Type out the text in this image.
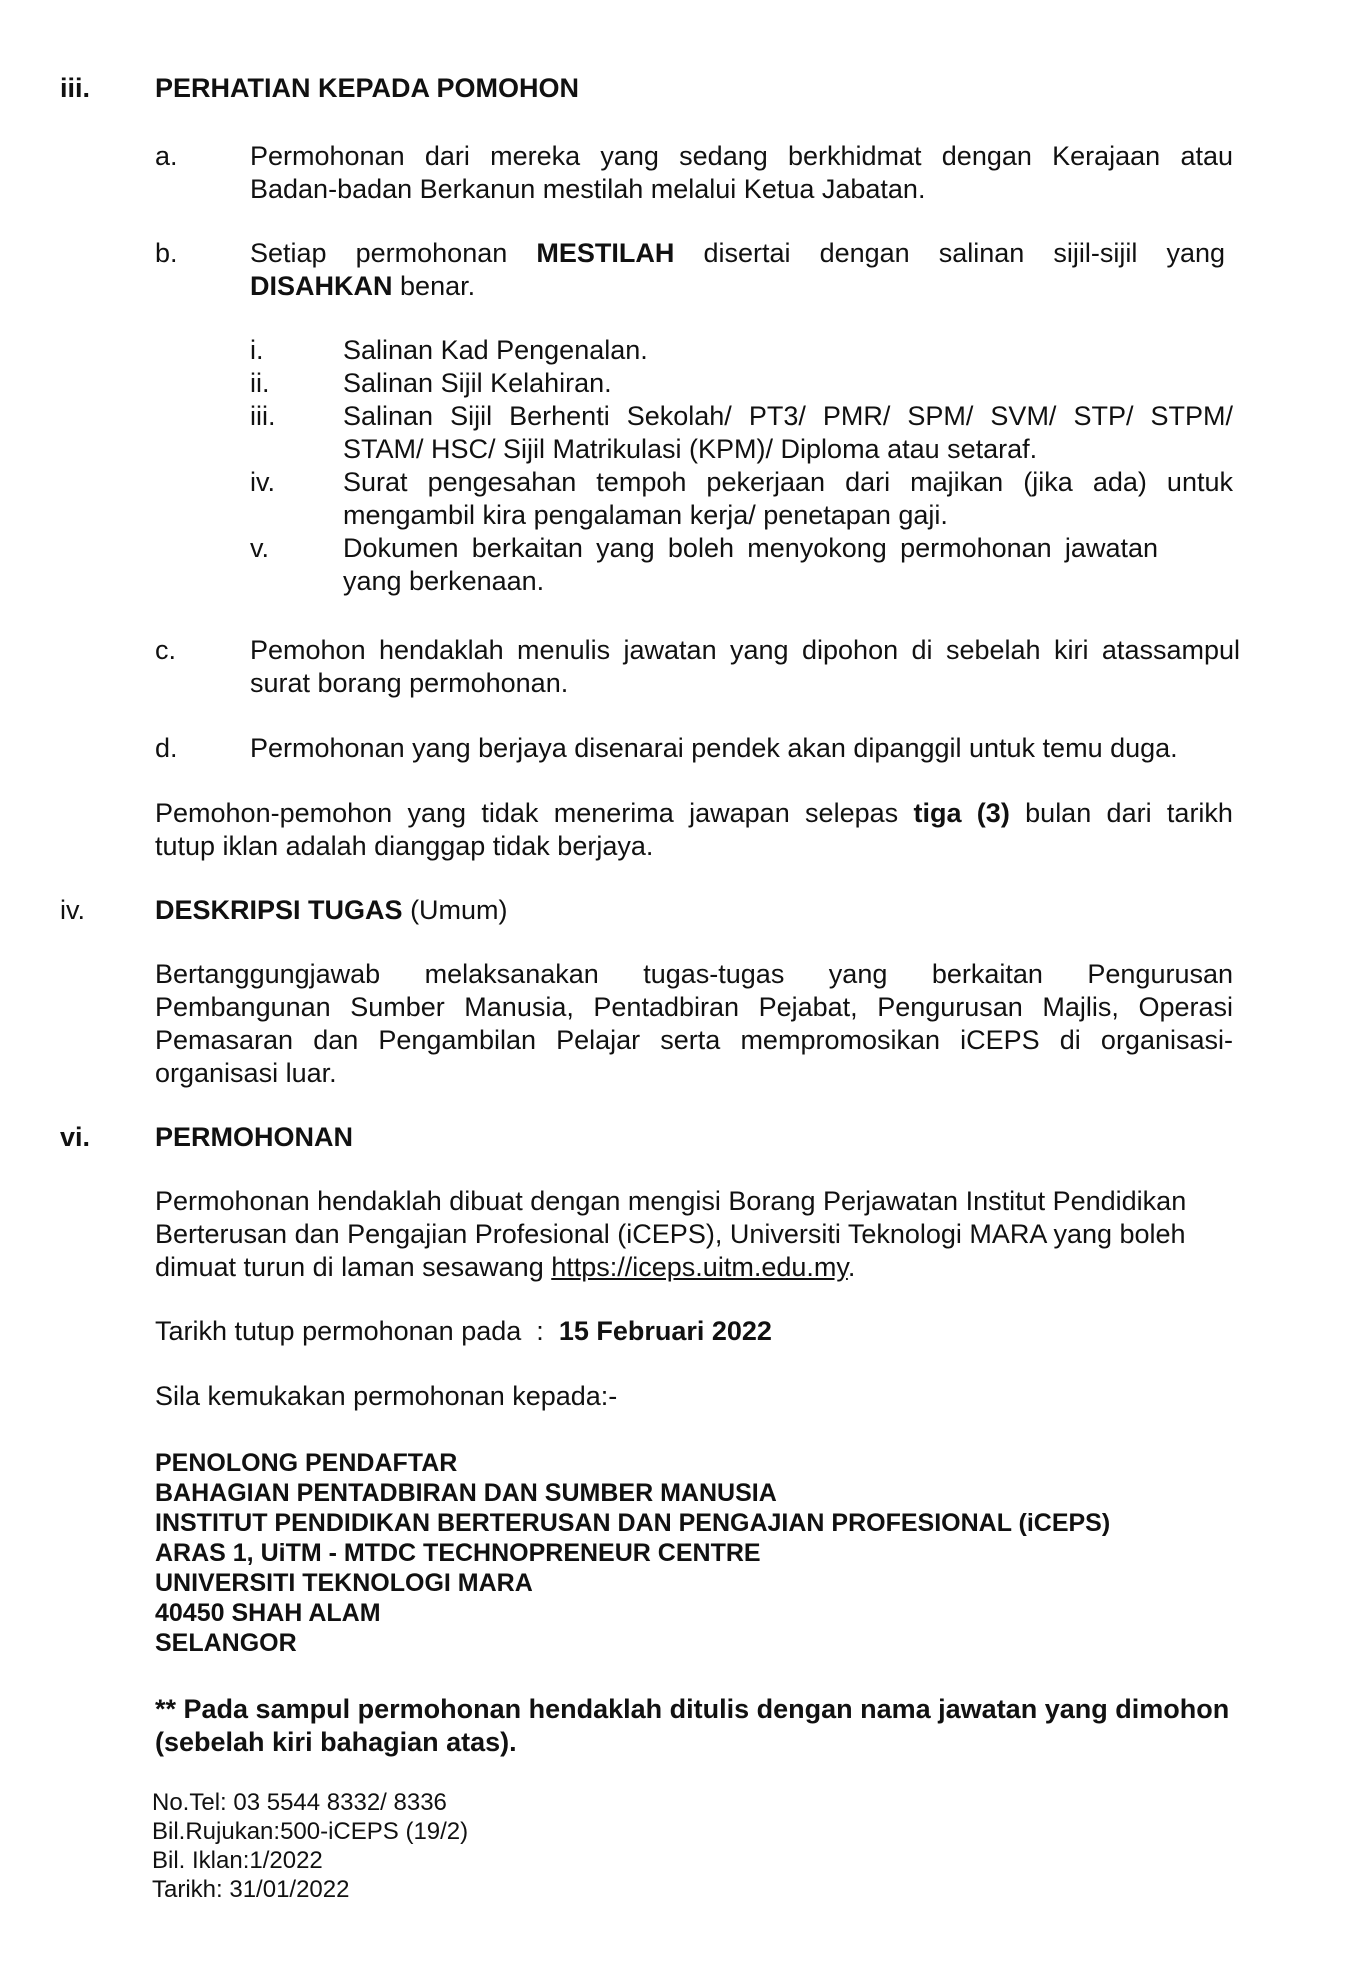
iii.	PERHATIAN KEPADA POMOHON
a.	Permohonan dari mereka yang sedang berkhidmat dengan Kerajaan atau
Badan-badan Berkanun mestilah melalui Ketua Jabatan.
b.	Setiap permohonan MESTILAH disertai dengan salinan sijil-sijil yang
DISAHKAN benar.
i.	Salinan Kad Pengenalan.
ii.	Salinan Sijil Kelahiran.
iii.	Salinan Sijil Berhenti Sekolah/ PT3/ PMR/ SPM/ SVM/ STP/ STPM/
STAM/ HSC/ Sijil Matrikulasi (KPM)/ Diploma atau setaraf.
iv.	Surat pengesahan tempoh pekerjaan dari majikan (jika ada) untuk
mengambil kira pengalaman kerja/ penetapan gaji.
v.	Dokumen berkaitan yang boleh menyokong permohonan jawatan
yang berkenaan.
c.	Pemohon hendaklah menulis jawatan yang dipohon di sebelah kiri atassampul
surat borang permohonan.
d.	Permohonan yang berjaya disenarai pendek akan dipanggil untuk temu duga.
Pemohon-pemohon yang tidak menerima jawapan selepas tiga (3) bulan dari tarikh
tutup iklan adalah dianggap tidak berjaya.
iv.	DESKRIPSI TUGAS (Umum)
Bertanggungjawab melaksanakan tugas-tugas yang berkaitan Pengurusan
Pembangunan Sumber Manusia, Pentadbiran Pejabat, Pengurusan Majlis, Operasi
Pemasaran dan Pengambilan Pelajar serta mempromosikan iCEPS di organisasi-
organisasi luar.
vi.	PERMOHONAN
Permohonan hendaklah dibuat dengan mengisi Borang Perjawatan Institut Pendidikan
Berterusan dan Pengajian Profesional (iCEPS), Universiti Teknologi MARA yang boleh
dimuat turun di laman sesawang https://iceps.uitm.edu.my.
Tarikh tutup permohonan pada : 15 Februari 2022
Sila kemukakan permohonan kepada:-
PENOLONG PENDAFTAR
BAHAGIAN PENTADBIRAN DAN SUMBER MANUSIA
INSTITUT PENDIDIKAN BERTERUSAN DAN PENGAJIAN PROFESIONAL (iCEPS)
ARAS 1, UiTM - MTDC TECHNOPRENEUR CENTRE
UNIVERSITI TEKNOLOGI MARA
40450 SHAH ALAM
SELANGOR
** Pada sampul permohonan hendaklah ditulis dengan nama jawatan yang dimohon
(sebelah kiri bahagian atas).
No.Tel: 03 5544 8332/ 8336
Bil.Rujukan:500-iCEPS (19/2)
Bil. Iklan:1/2022
Tarikh: 31/01/2022
